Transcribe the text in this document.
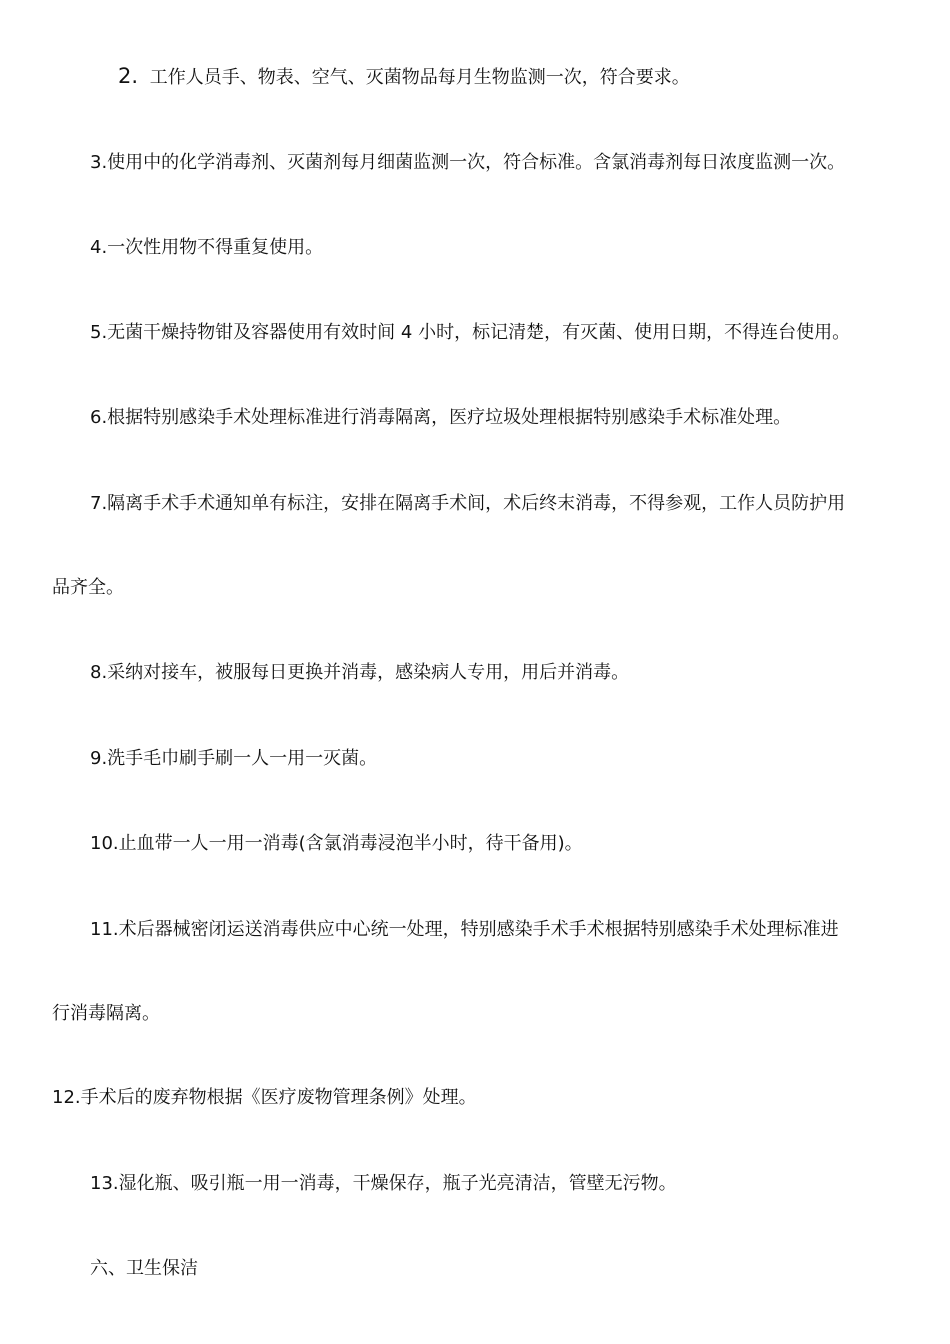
2. 工作人员手、物表、空气、灭菌物品每月生物监测一次，符合要求。
3.使用中的化学消毒剂、灭菌剂每月细菌监测一次，符合标准。含氯消毒剂每日浓度监测一次。
4.一次性用物不得重复使用。
5.无菌干燥持物钳及容器使用有效时间 4 小时，标记清楚，有灭菌、使用日期，不得连台使用。
6.根据特别感染手术处理标准进行消毒隔离，医疗垃圾处理根据特别感染手术标准处理。
7.隔离手术手术通知单有标注，安排在隔离手术间，术后终末消毒，不得参观，工作人员防护用
品齐全。
8.采纳对接车，被服每日更换并消毒，感染病人专用，用后并消毒。
9.洗手毛巾刷手刷一人一用一灭菌。
10.止血带一人一用一消毒(含氯消毒浸泡半小时，待干备用)。
11.术后器械密闭运送消毒供应中心统一处理，特别感染手术手术根据特别感染手术处理标准进
行消毒隔离。
12.手术后的废弃物根据《医疗废物管理条例》处理。
13.湿化瓶、吸引瓶一用一消毒，干燥保存，瓶子光亮清洁，管壁无污物。
六、卫生保洁
